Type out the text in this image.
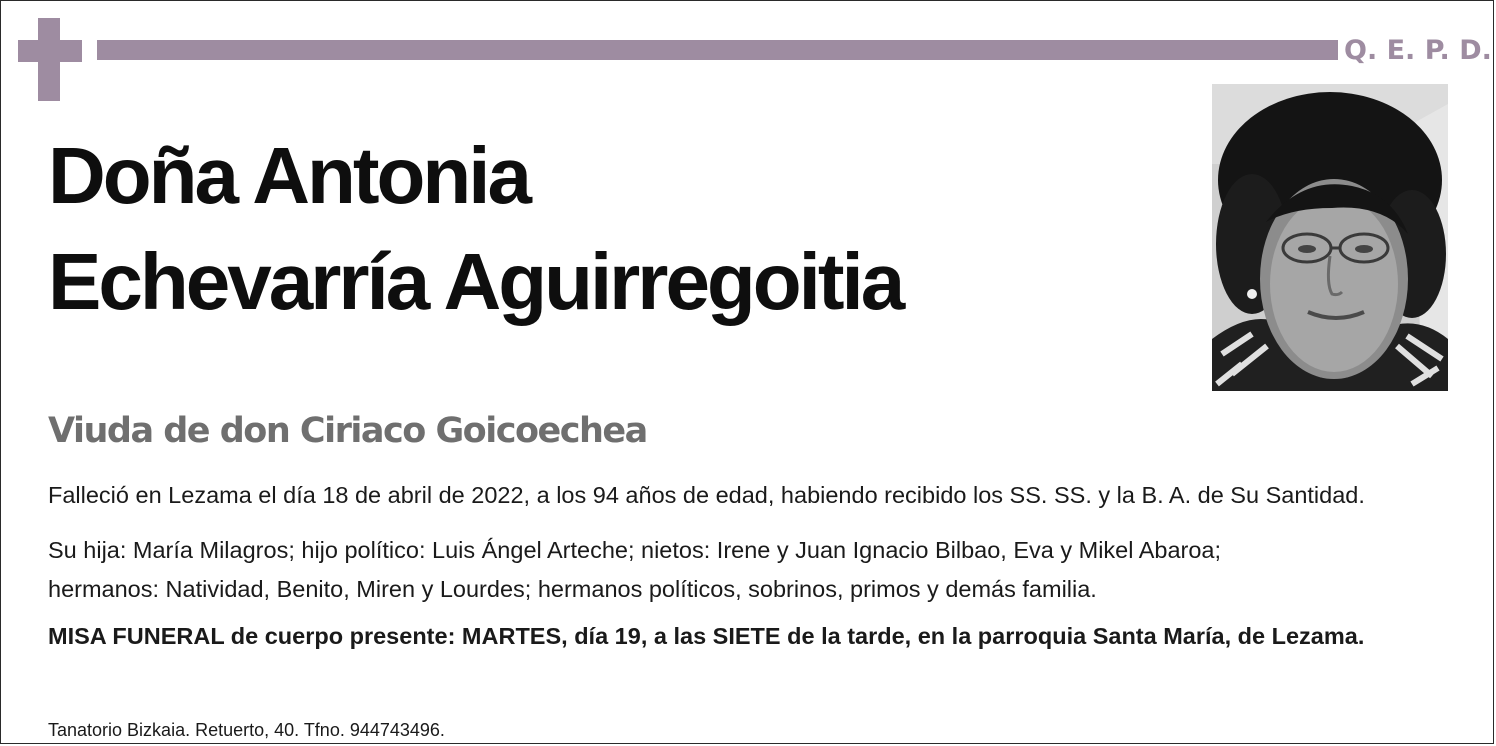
Q. E. P. D.
Doña Antonia
Echevarría Aguirregoitia
Viuda de don Ciriaco Goicoechea
Falleció en Lezama el día 18 de abril de 2022, a los 94 años de edad, habiendo recibido los SS. SS. y la B. A. de Su Santidad.
Su hija: María Milagros; hijo político: Luis Ángel Arteche; nietos: Irene y Juan Ignacio Bilbao, Eva y Mikel Abaroa;
hermanos: Natividad, Benito, Miren y Lourdes; hermanos políticos, sobrinos, primos y demás familia.
MISA FUNERAL de cuerpo presente: MARTES, día 19, a las SIETE de la tarde, en la parroquia Santa María, de Lezama.
Tanatorio Bizkaia. Retuerto, 40. Tfno. 944743496.
